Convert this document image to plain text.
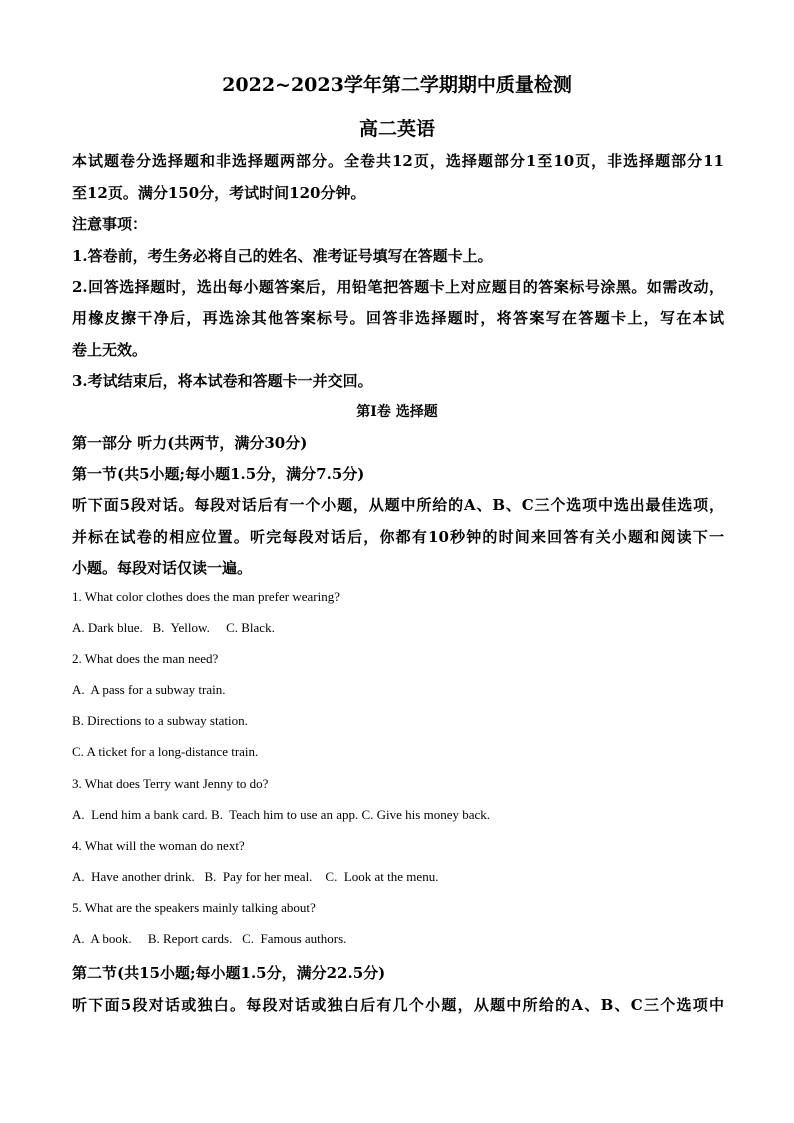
2022~2023学年第二学期期中质量检测
高二英语
本试题卷分选择题和非选择题两部分。全卷共12页，选择题部分1至10页，非选择题部分11
至12页。满分150分，考试时间120分钟。
注意事项：
1.答卷前，考生务必将自己的姓名、准考证号填写在答题卡上。
2.回答选择题时，选出每小题答案后，用铅笔把答题卡上对应题目的答案标号涂黑。如需改动，
用橡皮擦干净后，再选涂其他答案标号。回答非选择题时，将答案写在答题卡上，写在本试
卷上无效。
3.考试结束后，将本试卷和答题卡一并交回。
第Ⅰ卷 选择题
第一部分 听力(共两节，满分30分)
第一节(共5小题;每小题1.5分，满分7.5分)
听下面5段对话。每段对话后有一个小题，从题中所给的A、B、C三个选项中选出最佳选项，
并标在试卷的相应位置。听完每段对话后，你都有10秒钟的时间来回答有关小题和阅读下一
小题。每段对话仅读一遍。
1. What color clothes does the man prefer wearing?
A. Dark blue.   B.  Yellow.     C. Black.
2. What does the man need?
A.  A pass for a subway train.
B. Directions to a subway station.
C. A ticket for a long-distance train.
3. What does Terry want Jenny to do?
A.  Lend him a bank card. B.  Teach him to use an app. C. Give his money back.
4. What will the woman do next?
A.  Have another drink.   B.  Pay for her meal.    C.  Look at the menu.
5. What are the speakers mainly talking about?
A.  A book.     B. Report cards.   C.  Famous authors.
第二节(共15小题;每小题1.5分，满分22.5分)
听下面5段对话或独白。每段对话或独白后有几个小题，从题中所给的A、B、C三个选项中
